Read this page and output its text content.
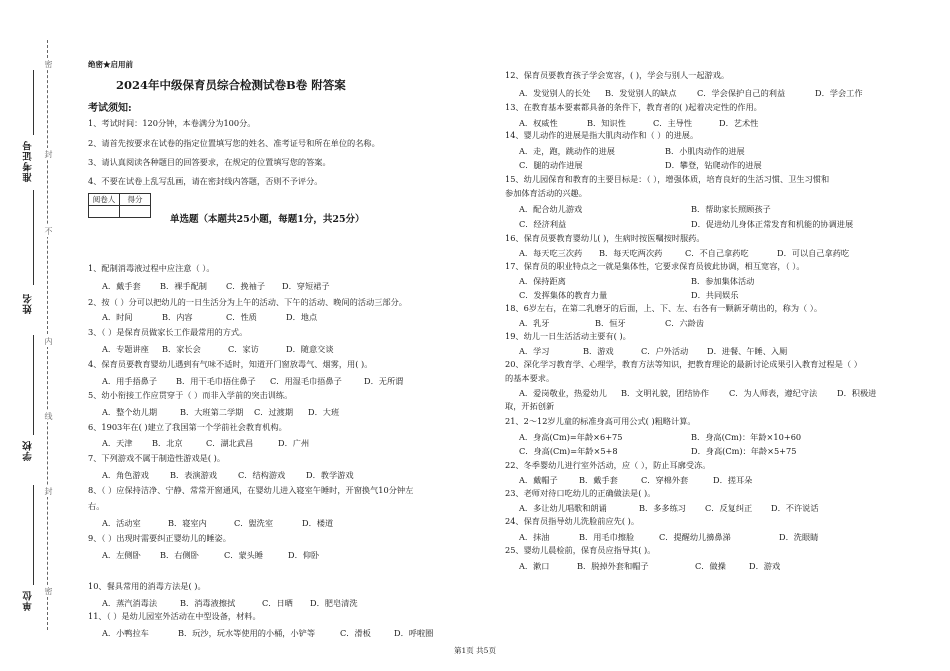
准考证号
姓名
学校
单位
密
封
不
内
线
封
密
绝密★启用前
2024年中级保育员综合检测试卷B卷 附答案
考试须知:
1、考试时间：120分钟，本卷满分为100分。
2、请首先按要求在试卷的指定位置填写您的姓名、准考证号和所在单位的名称。
3、请认真阅读各种题目的回答要求，在规定的位置填写您的答案。
4、不要在试卷上乱写乱画，请在密封线内答题，否则不予评分。
阅卷人	得分

单选题（本题共25小题，每题1分，共25分）
1、配制消毒液过程中应注意（ ）。
A．戴手套 B．裸手配制 C．挽袖子 D．穿短裙子
2、按（ ）分可以把幼儿的一日生活分为上午的活动、下午的活动、晚间的活动三部分。
A．时间	B．内容	C．性质	D．地点
3、（ ）是保育员做家长工作最常用的方式。
A．专题讲座 B．家长会	C．家访	D．随意交谈
4、保育员要教育婴幼儿遇到有气味不适时，知道开门窗放毒气、烟雾，用( )。
A．用手捂鼻子 B．用干毛巾捂住鼻子 C．用湿毛巾捂鼻子	D．无所谓
5、幼小衔接工作应贯穿于（ ）而非入学前的突击训练。
A．整个幼儿期	B．大班第二学期 C．过渡期 D．大班
6、1903年在( )建立了我国第一个学前社会教育机构。
A．天津 B．北京	C．湖北武昌	D．广州
7、下列游戏不属于制造性游戏是( )。
A．角色游戏	B．表演游戏	C．结构游戏	D．教学游戏
8、（ ）应保持洁净、宁静、常常开窗通风，在婴幼儿进入寝室午睡时，开窗换气10分钟左
右。
A．活动室	B．寝室内	C．盥洗室	D．楼道
9、（ ）出现时需要纠正婴幼儿的睡姿。
A．左侧卧 B．右侧卧	C．蒙头睡	D．仰卧
10、餐具常用的消毒方法是( )。
A．蒸汽消毒法	B．消毒液擦拭	C．日晒 D．肥皂清洗
11、（ ）是幼儿园室外活动在中型设备，材料。
A．小鸭拉车	B．玩沙，玩水等使用的小桶，小铲等	C．滑板	D．呼啦圈
12、保育员要教育孩子学会宽容，( )，学会与别人一起游戏。
A．发觉别人的长处 B．发觉别人的缺点 C．学会保护自己的利益	D．学会工作
13、在教育基本要素都具备的条件下，教育者的( )起着决定性的作用。
A．权威性	B．知识性	C．主导性	D．艺术性
14、婴儿动作的进展是指大肌肉动作和（ ）的进展。
A．走，跑，跳动作的进展	B．小肌肉动作的进展
C．腿的动作进展	D．攀登，钻爬动作的进展
15、幼儿园保育和教育的主要目标是：（ ），增强体质，培育良好的生活习惯、卫生习惯和
参加体育活动的兴趣。
A．配合幼儿游戏	B．帮助家长照顾孩子
C．经济利益	D．促进幼儿身体正常发育和机能的协调进展
16、保育员要教育婴幼儿( )，生病时按医嘱按时服药。
A．每天吃三次药 B．每天吃两次药	C．不自己拿药吃	D．可以自己拿药吃
17、保育员的职业特点之一就是集体性，它要求保育员彼此协调，相互宽容，（ ）。
A．保持距离	B．参加集体活动
C．发挥集体的教育力量	D．共同娱乐
18、6岁左右，在第二乳磨牙的后面，上、下、左、右各有一颗新牙萌出的，称为（ ）。
A．乳牙	B．恒牙	C．六龄齿
19、幼儿一日生活活动主要有( )。
A．学习	B．游戏	C．户外活动 D．进餐、午睡、入厕
20、深化学习教育学、心理学，教育方法等知识，把教育理论的最新讨论成果引入教育过程是（ ）
的基本要求。
A．爱岗敬业，热爱幼儿 B．文明礼貌，团结协作 C．为人师表，遵纪守法 D．积极进
取，开拓创新
21、2～12岁儿童的标准身高可用公式( )粗略计算。
A．身高(Cm)=年龄×6+75	B．身高(Cm)：年龄×10+60
C．身高(Cm)=年龄×5+8	D．身高(Cm)：年龄×5+75
22、冬季婴幼儿进行室外活动，应（ ），防止耳廓受冻。
A．戴帽子	B．戴手套	C．穿棉外套	D．搓耳朵
23、老师对待口吃幼儿的正确做法是( )。
A．多让幼儿唱歌和朗诵	B．多多练习 C．反复纠正 D．不许说话
24、保育员指导幼儿洗脸前应先( )。
A．抹油	B．用毛巾擦脸	C．提醒幼儿擤鼻涕	D．洗眼睛
25、婴幼儿晨检前，保育员应指导其( )。
A．漱口	B．脱掉外套和帽子	C．做操	D．游戏
第1页 共5页
